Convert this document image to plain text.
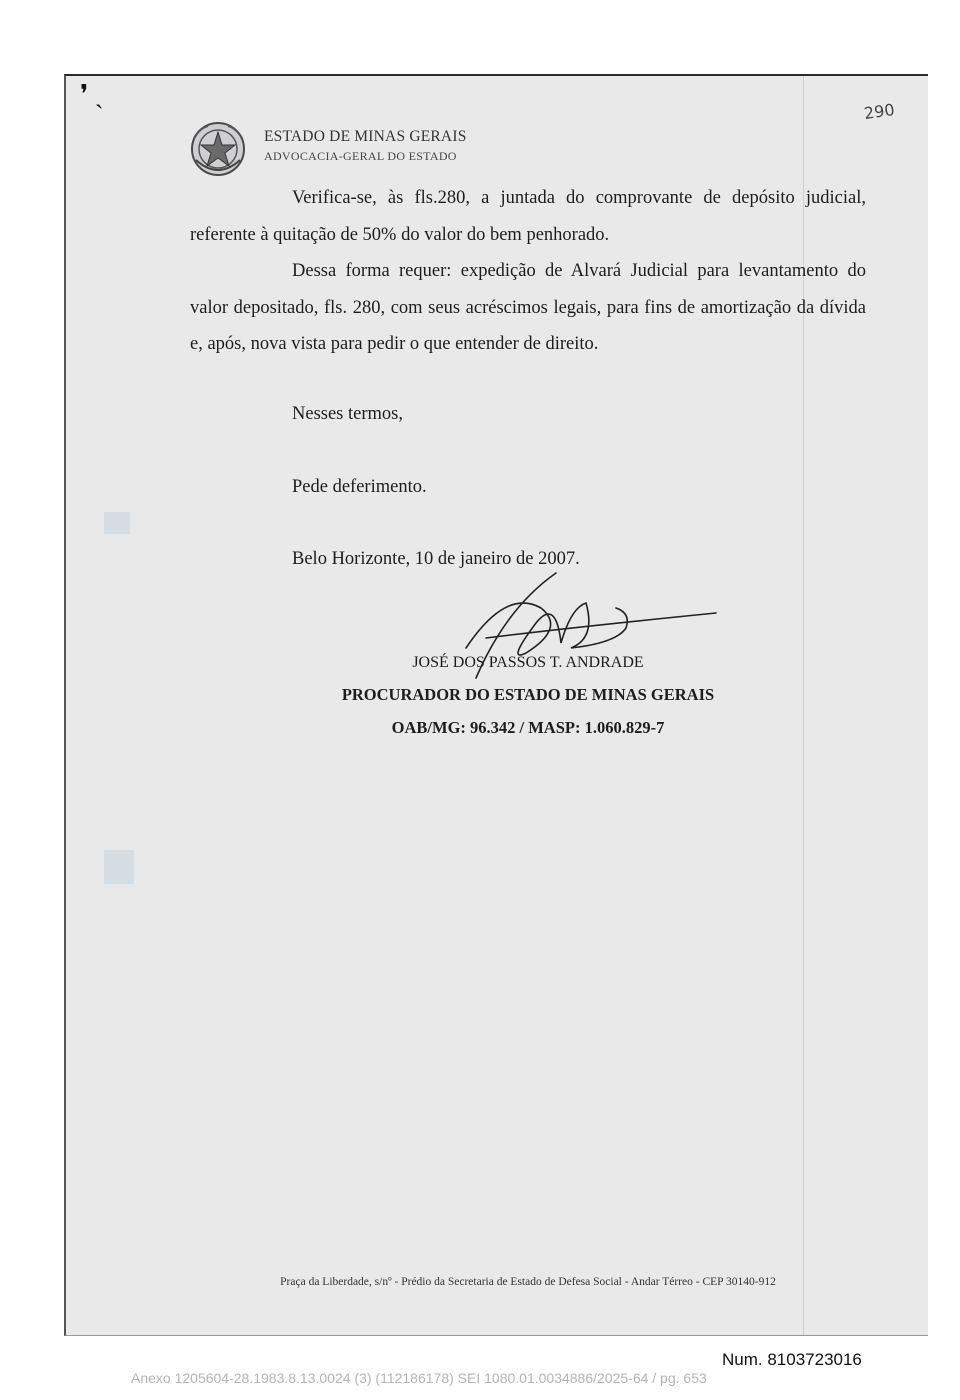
❜ ˎ
ESTADO DE MINAS GERAIS
ADVOCACIA-GERAL DO ESTADO
290

Verifica-se, às fls.280, a juntada do comprovante de depósito judicial, referente à quitação de 50% do valor do bem penhorado.

Dessa forma requer: expedição de Alvará Judicial para levantamento do valor depositado, fls. 280, com seus acréscimos legais, para fins de amortização da dívida e, após, nova vista para pedir o que entender de direito.

Nesses termos,
Pede deferimento.
Belo Horizonte, 10 de janeiro de 2007.
JOSÉ DOS PASSOS T. ANDRADE
PROCURADOR DO ESTADO DE MINAS GERAIS
OAB/MG: 96.342 / MASP: 1.060.829-7
Praça da Liberdade, s/nº - Prédio da Secretaria de Estado de Defesa Social - Andar Térreo - CEP 30140-912
Num. 8103723016
Anexo 1205604-28.1983.8.13.0024 (3) (112186178) SEI 1080.01.0034886/2025-64 / pg. 653
